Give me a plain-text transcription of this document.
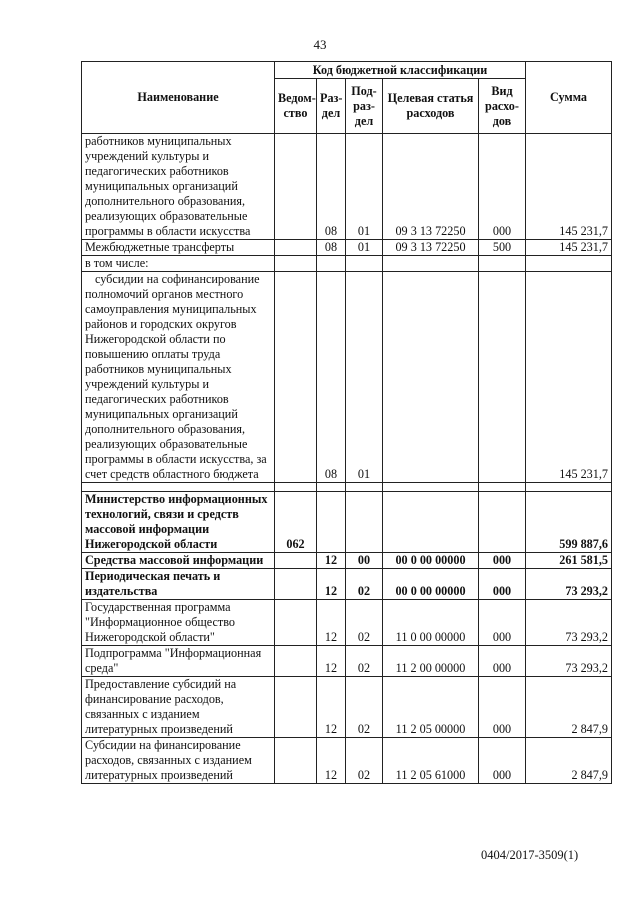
43
Наименование	Код бюджетной классификации					Сумма
	Ведом-ство	Раз-дел	Под-раз-дел	Целевая статья расходов	Вид расхо-дов	
работников муниципальных учреждений культуры и педагогических работников муниципальных организаций дополнительного образования, реализующих образовательные программы в области искусства		08	01	09 3 13 72250	000	145 231,7
Межбюджетные трансферты		08	01	09 3 13 72250	500	145 231,7
в том числе:						
субсидии на софинансирование полномочий органов местного самоуправления муниципальных районов и городских округов Нижегородской области по повышению оплаты труда работников муниципальных учреждений культуры и педагогических работников муниципальных организаций дополнительного образования, реализующих образовательные программы в области искусства, за счет средств областного бюджета		08	01			145 231,7

Министерство информационных технологий, связи и средств массовой информации Нижегородской области	062					599 887,6
Средства массовой информации		12	00	00 0 00 00000	000	261 581,5
Периодическая печать и издательства		12	02	00 0 00 00000	000	73 293,2
Государственная программа "Информационное общество Нижегородской области"		12	02	11 0 00 00000	000	73 293,2
Подпрограмма "Информационная среда"		12	02	11 2 00 00000	000	73 293,2
Предоставление субсидий на финансирование расходов, связанных с изданием литературных произведений		12	02	11 2 05 00000	000	2 847,9
Субсидии на финансирование расходов, связанных с изданием литературных произведений		12	02	11 2 05 61000	000	2 847,9
0404/2017-3509(1)
